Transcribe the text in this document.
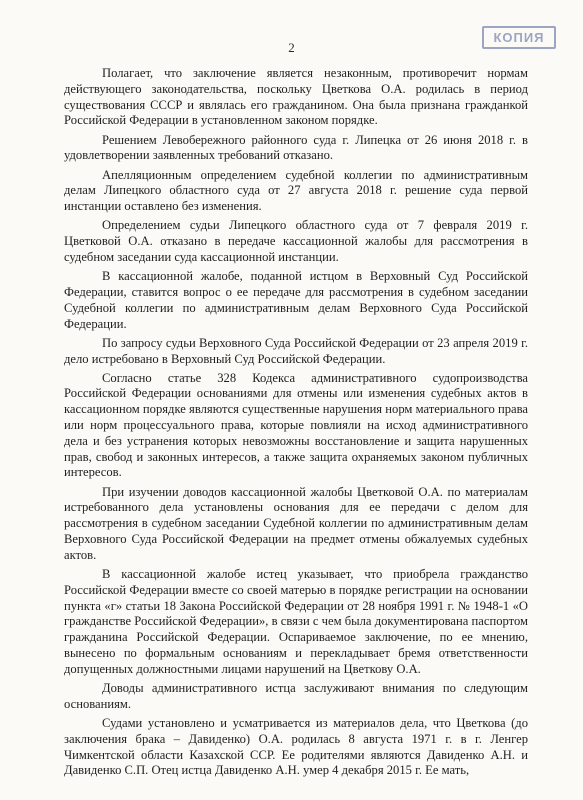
2
КОПИЯ

Полагает, что заключение является незаконным, противоречит нормам действующего законодательства, поскольку Цветкова О.А. родилась в период существования СССР и являлась его гражданином. Она была признана гражданкой Российской Федерации в установленном законом порядке.

Решением Левобережного районного суда г. Липецка от 26 июня 2018 г. в удовлетворении заявленных требований отказано.

Апелляционным определением судебной коллегии по административным делам Липецкого областного суда от 27 августа 2018 г. решение суда первой инстанции оставлено без изменения.

Определением судьи Липецкого областного суда от 7 февраля 2019 г. Цветковой О.А. отказано в передаче кассационной жалобы для рассмотрения в судебном заседании суда кассационной инстанции.

В кассационной жалобе, поданной истцом в Верховный Суд Российской Федерации, ставится вопрос о ее передаче для рассмотрения в судебном заседании Судебной коллегии по административным делам Верховного Суда Российской Федерации.

По запросу судьи Верховного Суда Российской Федерации от 23 апреля 2019 г. дело истребовано в Верховный Суд Российской Федерации.

Согласно статье 328 Кодекса административного судопроизводства Российской Федерации основаниями для отмены или изменения судебных актов в кассационном порядке являются существенные нарушения норм материального права или норм процессуального права, которые повлияли на исход административного дела и без устранения которых невозможны восстановление и защита нарушенных прав, свобод и законных интересов, а также защита охраняемых законом публичных интересов.

При изучении доводов кассационной жалобы Цветковой О.А. по материалам истребованного дела установлены основания для ее передачи с делом для рассмотрения в судебном заседании Судебной коллегии по административным делам Верховного Суда Российской Федерации на предмет отмены обжалуемых судебных актов.

В кассационной жалобе истец указывает, что приобрела гражданство Российской Федерации вместе со своей матерью в порядке регистрации на основании пункта «г» статьи 18 Закона Российской Федерации от 28 ноября 1991 г. № 1948-1 «О гражданстве Российской Федерации», в связи с чем была документирована паспортом гражданина Российской Федерации. Оспариваемое заключение, по ее мнению, вынесено по формальным основаниям и перекладывает бремя ответственности допущенных должностными лицами нарушений на Цветкову О.А.

Доводы административного истца заслуживают внимания по следующим основаниям.

Судами установлено и усматривается из материалов дела, что Цветкова (до заключения брака – Давиденко) О.А. родилась 8 августа 1971 г. в г. Ленгер Чимкентской области Казахской ССР. Ее родителями являются Давиденко А.Н. и Давиденко С.П. Отец истца Давиденко А.Н. умер 4 декабря 2015 г. Ее мать,
